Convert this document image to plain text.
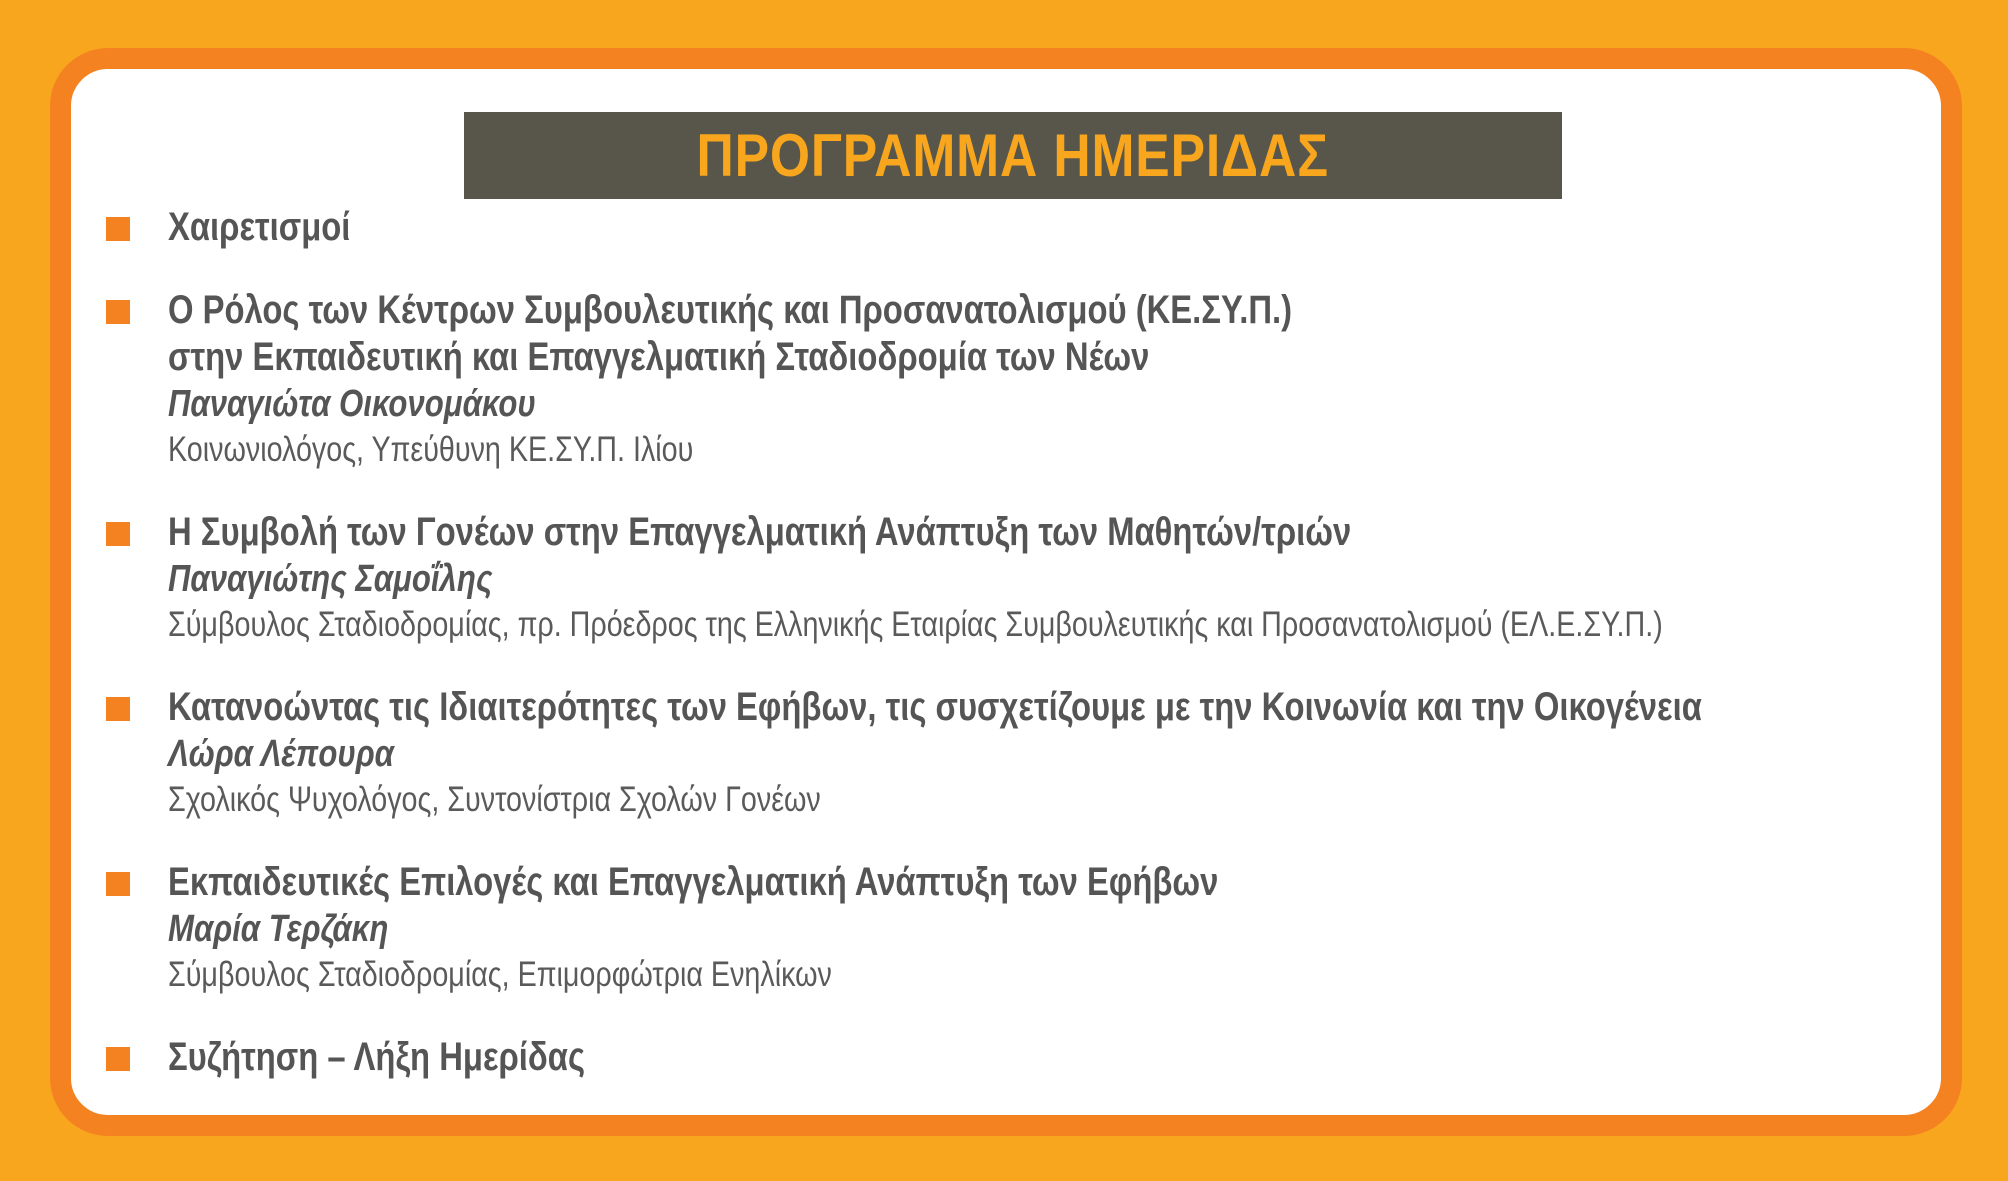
ΠΡΟΓΡΑΜΜΑ ΗΜΕΡΙΔΑΣ
Χαιρετισμοί
Ο Ρόλος των Κέντρων Συμβουλευτικής και Προσανατολισμού (ΚΕ.ΣΥ.Π.)
στην Εκπαιδευτική και Επαγγελματική Σταδιοδρομία των Νέων
Παναγιώτα Οικονομάκου
Κοινωνιολόγος, Υπεύθυνη ΚΕ.ΣΥ.Π. Ιλίου
Η Συμβολή των Γονέων στην Επαγγελματική Ανάπτυξη των Μαθητών/τριών
Παναγιώτης Σαμοΐλης
Σύμβουλος Σταδιοδρομίας, πρ. Πρόεδρος της Ελληνικής Εταιρίας Συμβουλευτικής και Προσανατολισμού (ΕΛ.Ε.ΣΥ.Π.)
Κατανοώντας τις Ιδιαιτερότητες των Εφήβων, τις συσχετίζουμε με την Κοινωνία και την Οικογένεια
Λώρα Λέπουρα
Σχολικός Ψυχολόγος, Συντονίστρια Σχολών Γονέων
Εκπαιδευτικές Επιλογές και Επαγγελματική Ανάπτυξη των Εφήβων
Μαρία Τερζάκη
Σύμβουλος Σταδιοδρομίας, Επιμορφώτρια Ενηλίκων
Συζήτηση – Λήξη Ημερίδας
